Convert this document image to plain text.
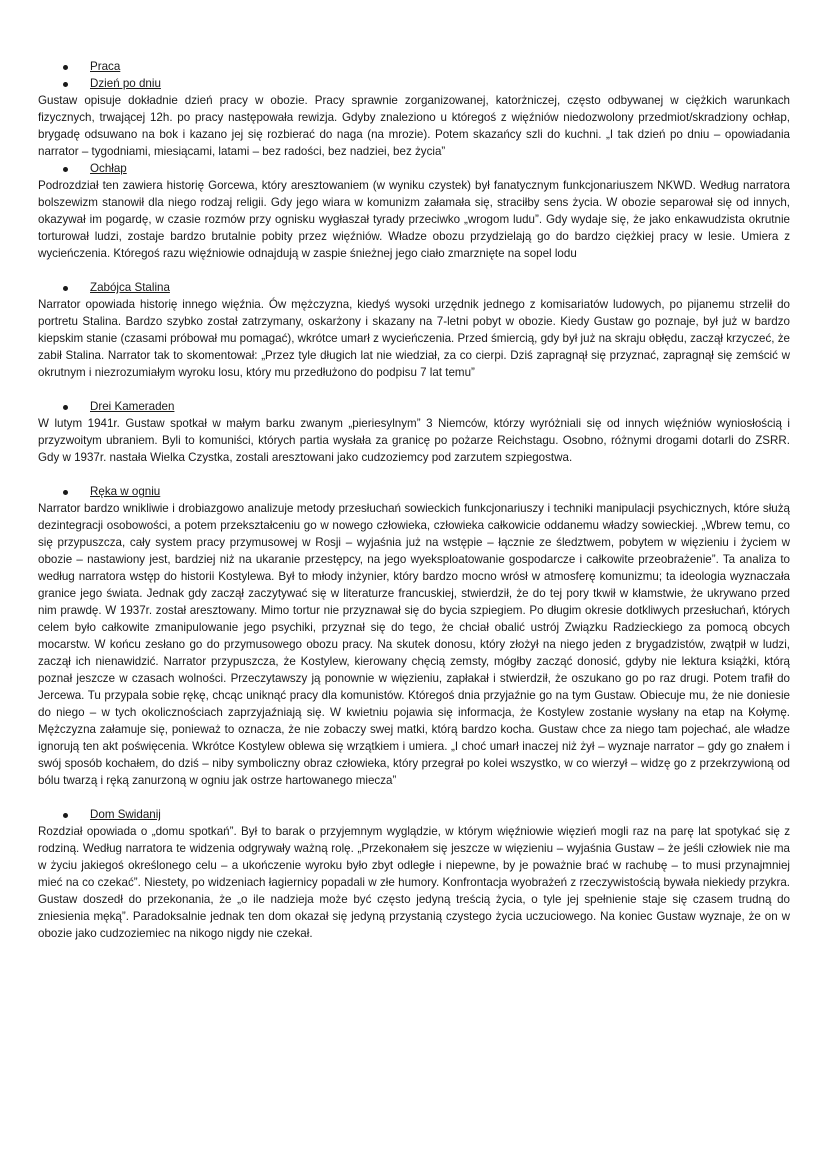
Praca
Dzień po dniu

Gustaw opisuje dokładnie dzień pracy w obozie. Pracy sprawnie zorganizowanej, katorżniczej, często odbywanej w ciężkich warunkach fizycznych, trwającej 12h. po pracy następowała rewizja. Gdyby znaleziono u któregoś z więźniów niedozwolony przedmiot/skradziony ochłap, brygadę odsuwano na bok i kazano jej się rozbierać do naga (na mrozie). Potem skazańcy szli do kuchni. „I tak dzień po dniu – opowiadania narrator – tygodniami, miesiącami, latami – bez radości, bez nadziei, bez życia”

Ochłap

Podrozdział ten zawiera historię Gorcewa, który aresztowaniem (w wyniku czystek) był fanatycznym funkcjonariuszem NKWD. Według narratora bolszewizm stanowił dla niego rodzaj religii. Gdy jego wiara w komunizm załamała się, straciłby sens życia. W obozie separował się od innych, okazywał im pogardę, w czasie rozmów przy ognisku wygłaszał tyrady przeciwko „wrogom ludu”. Gdy wydaje się, że jako enkawudzista okrutnie torturował ludzi, zostaje bardzo brutalnie pobity przez więźniów. Władze obozu przydzielają go do bardzo ciężkiej pracy w lesie. Umiera z wycieńczenia. Któregoś razu więźniowie odnajdują w zaspie śnieżnej jego ciało zmarznięte na sopel lodu

Zabójca Stalina

Narrator opowiada historię innego więźnia. Ów mężczyzna, kiedyś wysoki urzędnik jednego z komisariatów ludowych, po pijanemu strzelił do portretu Stalina. Bardzo szybko został zatrzymany, oskarżony i skazany na 7-letni pobyt w obozie. Kiedy Gustaw go poznaje, był już w bardzo kiepskim stanie (czasami próbował mu pomagać), wkrótce umarł z wycieńczenia. Przed śmiercią, gdy był już na skraju obłędu, zaczął krzyczeć, że zabił Stalina. Narrator tak to skomentował: „Przez tyle długich lat nie wiedział, za co cierpi. Dziś zapragnął się przyznać, zapragnął się zemścić w okrutnym i niezrozumiałym wyroku losu, który mu przedłużono do podpisu 7 lat temu”

Drei Kameraden

W lutym 1941r. Gustaw spotkał w małym barku zwanym „pieriesylnym” 3 Niemców, którzy wyróżniali się od innych więźniów wyniosłością i przyzwoitym ubraniem. Byli to komuniści, których partia wysłała za granicę po pożarze Reichstagu. Osobno, różnymi drogami dotarli do ZSRR. Gdy w 1937r. nastała Wielka Czystka, zostali aresztowani jako cudzoziemcy pod zarzutem szpiegostwa.

Ręka w ogniu

Narrator bardzo wnikliwie i drobiazgowo analizuje metody przesłuchań sowieckich funkcjonariuszy i techniki manipulacji psychicznych, które służą dezintegracji osobowości, a potem przekształceniu go w nowego człowieka, człowieka całkowicie oddanemu władzy sowieckiej. „Wbrew temu, co się przypuszcza, cały system pracy przymusowej w Rosji – wyjaśnia już na wstępie – łącznie ze śledztwem, pobytem w więzieniu i życiem w obozie – nastawiony jest, bardziej niż na ukaranie przestępcy, na jego wyeksploatowanie gospodarcze i całkowite przeobrażenie”. Ta analiza to według narratora wstęp do historii Kostylewa. Był to młody inżynier, który bardzo mocno wrósł w atmosferę komunizmu; ta ideologia wyznaczała granice jego świata. Jednak gdy zaczął zaczytywać się w literaturze francuskiej, stwierdził, że do tej pory tkwił w kłamstwie, że ukrywano przed nim prawdę. W 1937r. został aresztowany. Mimo tortur nie przyznawał się do bycia szpiegiem. Po długim okresie dotkliwych przesłuchań, których celem było całkowite zmanipulowanie jego psychiki, przyznał się do tego, że chciał obalić ustrój Związku Radzieckiego za pomocą obcych mocarstw. W końcu zesłano go do przymusowego obozu pracy. Na skutek donosu, który złożył na niego jeden z brygadzistów, zwątpił w ludzi, zaczął ich nienawidzić. Narrator przypuszcza, że Kostylew, kierowany chęcią zemsty, mógłby zacząć donosić, gdyby nie lektura książki, którą poznał jeszcze w czasach wolności. Przeczytawszy ją ponownie w więzieniu, zapłakał i stwierdził, że oszukano go po raz drugi. Potem trafił do Jercewa. Tu przypala sobie rękę, chcąc uniknąć pracy dla komunistów. Któregoś dnia przyjaźnie go na tym Gustaw. Obiecuje mu, że nie doniesie do niego – w tych okolicznościach zaprzyjaźniają się. W kwietniu pojawia się informacja, że Kostylew zostanie wysłany na etap na Kołymę. Mężczyzna załamuje się, ponieważ to oznacza, że nie zobaczy swej matki, którą bardzo kocha. Gustaw chce za niego tam pojechać, ale władze ignorują ten akt poświęcenia. Wkrótce Kostylew oblewa się wrzątkiem i umiera. „I choć umarł inaczej niż żył – wyznaje narrator – gdy go znałem i swój sposób kochałem, do dziś – niby symboliczny obraz człowieka, który przegrał po kolei wszystko, w co wierzył – widzę go z przekrzywioną od bólu twarzą i ręką zanurzoną w ogniu jak ostrze hartowanego miecza”

Dom Swidanij

Rozdział opowiada o „domu spotkań”. Był to barak o przyjemnym wyglądzie, w którym więźniowie więzień mogli raz na parę lat spotykać się z rodziną. Według narratora te widzenia odgrywały ważną rolę. „Przekonałem się jeszcze w więzieniu – wyjaśnia Gustaw – że jeśli człowiek nie ma w życiu jakiegoś określonego celu – a ukończenie wyroku było zbyt odległe i niepewne, by je poważnie brać w rachubę – to musi przynajmniej mieć na co czekać”. Niestety, po widzeniach łagiernicy popadali w złe humory. Konfrontacja wyobrażeń z rzeczywistością bywała niekiedy przykra. Gustaw doszedł do przekonania, że „o ile nadzieja może być często jedyną treścią życia, o tyle jej spełnienie staje się czasem trudną do zniesienia męką”. Paradoksalnie jednak ten dom okazał się jedyną przystanią czystego życia uczuciowego. Na koniec Gustaw wyznaje, że on w obozie jako cudzoziemiec na nikogo nigdy nie czekał.
